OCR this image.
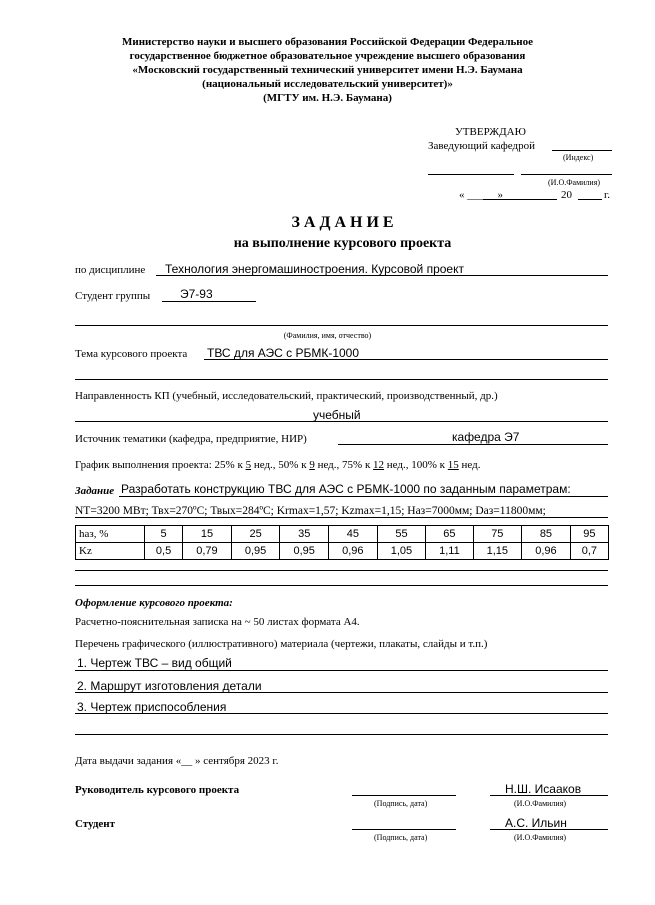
Министерство науки и высшего образования Российской Федерации Федеральное
государственное бюджетное образовательное учреждение высшего образования
«Московский государственный технический университет имени Н.Э. Баумана
(национальный исследовательский университет)»
(МГТУ им. Н.Э. Баумана)
УТВЕРЖДАЮ
Заведующий кафедрой
(Индекс)
(И.О.Фамилия)
« _____ »	20	г.
З А Д А Н И Е
на выполнение курсового проекта
по дисциплине Технология энергомашиностроения. Курсовой проект
Студент группы Э7-93
(Фамилия, имя, отчество)
Тема курсового проекта ТВС для АЭС с РБМК-1000
Направленность КП (учебный, исследовательский, практический, производственный, др.)
учебный
Источник тематики (кафедра, предприятие, НИР)	кафедра Э7
График выполнения проекта: 25% к 5 нед., 50% к 9 нед., 75% к 12 нед., 100% к 15 нед.
Задание Разработать конструкцию ТВС для АЭС с РБМК-1000 по заданным параметрам:
NТ=3200 МВт; Твх=270ºС; Твых=284ºС; Krmax=1,57; Kzmax=1,15; Наз=7000мм; Dаз=11800мм;
hаз, %	5	15	25	35	45	55	65	75	85	95
Kz	0,5	0,79	0,95	0,95	0,96	1,05	1,11	1,15	0,96	0,7
Оформление курсового проекта:
Расчетно-пояснительная записка на ~ 50 листах формата А4.
Перечень графического (иллюстративного) материала (чертежи, плакаты, слайды и т.п.)
1. Чертеж ТВС – вид общий
2. Маршрут изготовления детали
3. Чертеж приспособления
Дата выдачи задания «__ » сентября 2023 г.
Руководитель курсового проекта	Н.Ш. Исааков
(Подпись, дата)	(И.О.Фамилия)
Студент	А.С. Ильин
(Подпись, дата)	(И.О.Фамилия)
